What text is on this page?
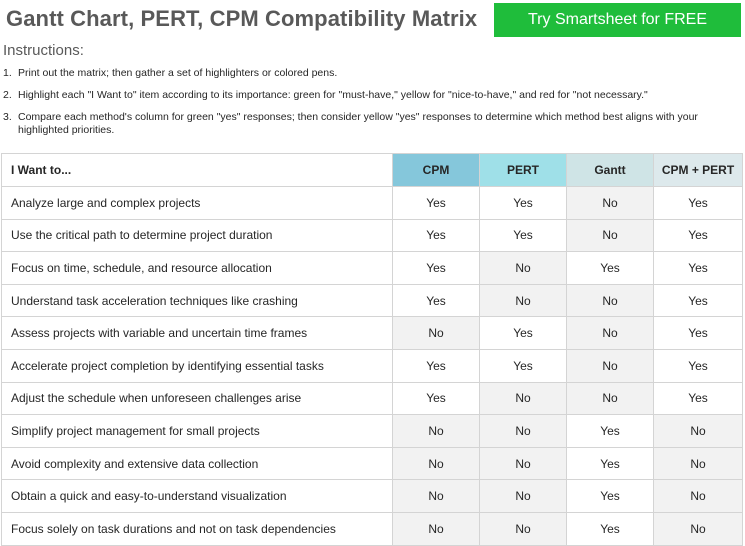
Gantt Chart, PERT, CPM Compatibility Matrix	Try Smartsheet for FREE
Instructions:
1. Print out the matrix; then gather a set of highlighters or colored pens.
2. Highlight each "I Want to" item according to its importance: green for "must-have," yellow for "nice-to-have," and red for "not necessary."
3. Compare each method's column for green "yes" responses; then consider yellow "yes" responses to determine which method best aligns with your highlighted priorities.
I Want to...	CPM	PERT	Gantt	CPM + PERT
Analyze large and complex projects	Yes	Yes	No	Yes
Use the critical path to determine project duration	Yes	Yes	No	Yes
Focus on time, schedule, and resource allocation	Yes	No	Yes	Yes
Understand task acceleration techniques like crashing	Yes	No	No	Yes
Assess projects with variable and uncertain time frames	No	Yes	No	Yes
Accelerate project completion by identifying essential tasks	Yes	Yes	No	Yes
Adjust the schedule when unforeseen challenges arise	Yes	No	No	Yes
Simplify project management for small projects	No	No	Yes	No
Avoid complexity and extensive data collection	No	No	Yes	No
Obtain a quick and easy-to-understand visualization	No	No	Yes	No
Focus solely on task durations and not on task dependencies	No	No	Yes	No
